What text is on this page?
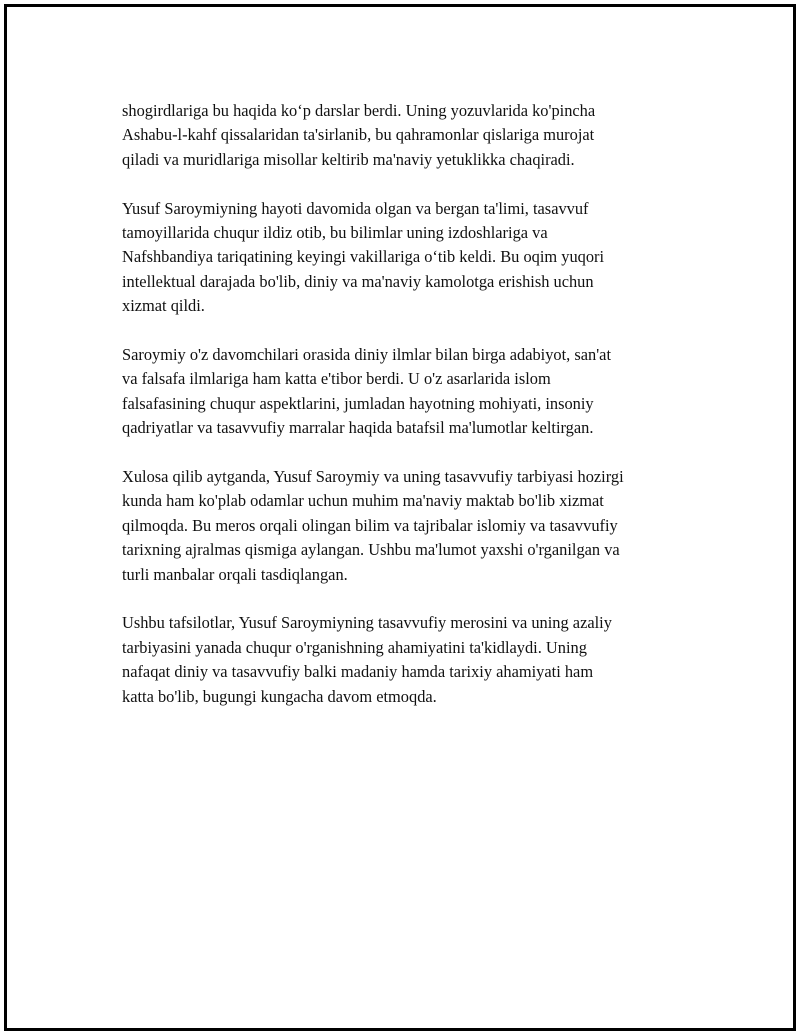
shogirdlariga bu haqida ko‘p darslar berdi. Uning yozuvlarida ko'pincha
Ashabu-l-kahf qissalaridan ta'sirlanib, bu qahramonlar qislariga murojat
qiladi va muridlariga misollar keltirib ma'naviy yetuklikka chaqiradi.

Yusuf Saroymiyning hayoti davomida olgan va bergan ta'limi, tasavvuf
tamoyillarida chuqur ildiz otib, bu bilimlar uning izdoshlariga va
Nafshbandiya tariqatining keyingi vakillariga o‘tib keldi. Bu oqim yuqori
intellektual darajada bo'lib, diniy va ma'naviy kamolotga erishish uchun
xizmat qildi.

Saroymiy o'z davomchilari orasida diniy ilmlar bilan birga adabiyot, san'at
va falsafa ilmlariga ham katta e'tibor berdi. U o'z asarlarida islom
falsafasining chuqur aspektlarini, jumladan hayotning mohiyati, insoniy
qadriyatlar va tasavvufiy marralar haqida batafsil ma'lumotlar keltirgan.

Xulosa qilib aytganda, Yusuf Saroymiy va uning tasavvufiy tarbiyasi hozirgi
kunda ham ko'plab odamlar uchun muhim ma'naviy maktab bo'lib xizmat
qilmoqda. Bu meros orqali olingan bilim va tajribalar islomiy va tasavvufiy
tarixning ajralmas qismiga aylangan. Ushbu ma'lumot yaxshi o'rganilgan va
turli manbalar orqali tasdiqlangan.

Ushbu tafsilotlar, Yusuf Saroymiyning tasavvufiy merosini va uning azaliy
tarbiyasini yanada chuqur o'rganishning ahamiyatini ta'kidlaydi. Uning
nafaqat diniy va tasavvufiy balki madaniy hamda tarixiy ahamiyati ham
katta bo'lib, bugungi kungacha davom etmoqda.
